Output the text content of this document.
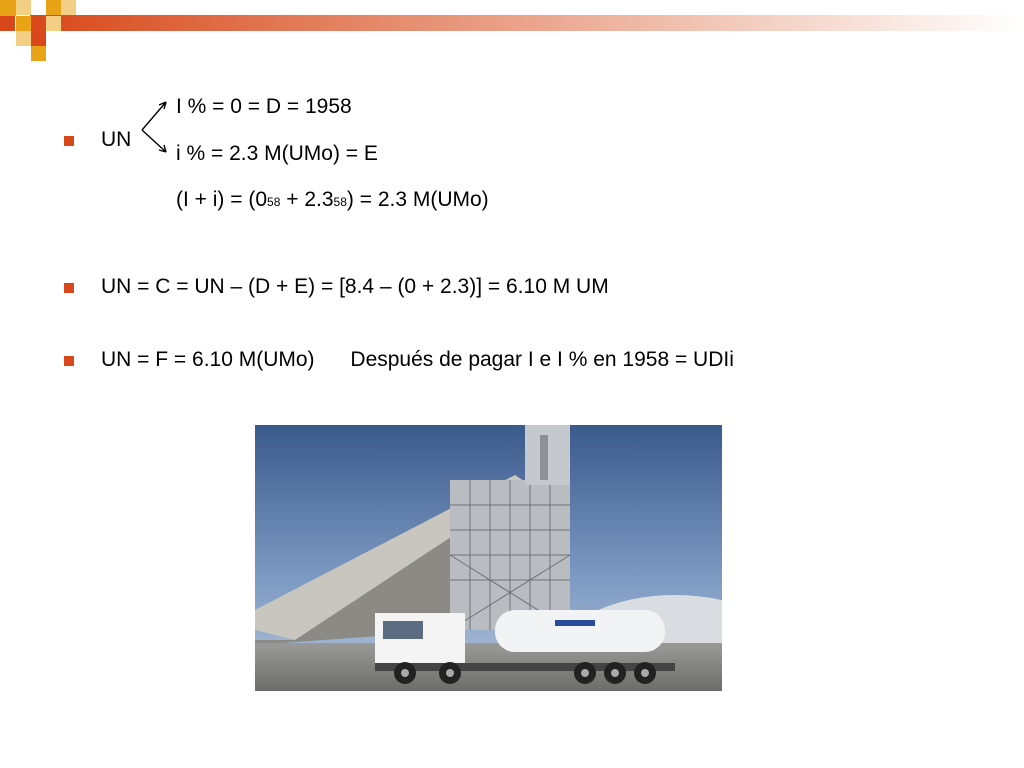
UN
I % = 0 = D = 1958
i % = 2.3 M(UMo) = E
(I + i) = (058 + 2.358) = 2.3 M(UMo)
UN = C = UN – (D + E) = [8.4 – (0 + 2.3)] = 6.10 M UM
UN = F = 6.10 M(UMo) Después de pagar I e I % en 1958 = UDIi
